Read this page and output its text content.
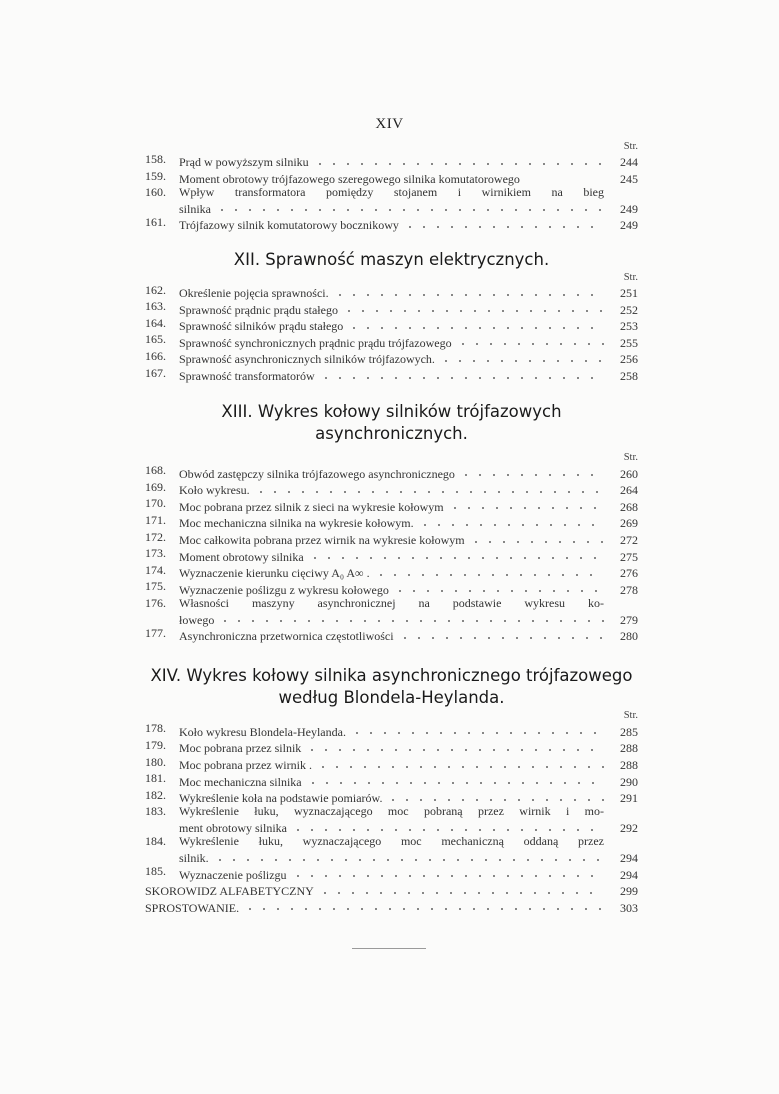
XIV
Str.
158.	Prąd w powyższym silniku	244
159.	Moment obrotowy trójfazowego szeregowego silnika komutatorowego	245
160.	Wpływ transformatora pomiędzy stojanem i wirnikiem na bieg
silnika	249
161.	Trójfazowy silnik komutatorowy bocznikowy	249
XII. Sprawność maszyn elektrycznych.
Str.
162.	Określenie pojęcia sprawności.	251
163.	Sprawność prądnic prądu stałego	252
164.	Sprawność silników prądu stałego	253
165.	Sprawność synchronicznych prądnic prądu trójfazowego	255
166.	Sprawność asynchronicznych silników trójfazowych.	256
167.	Sprawność transformatorów	258
XIII. Wykres kołowy silników trójfazowych asynchronicznych.
Str.
168.	Obwód zastępczy silnika trójfazowego asynchronicznego	260
169.	Koło wykresu.	264
170.	Moc pobrana przez silnik z sieci na wykresie kołowym	268
171.	Moc mechaniczna silnika na wykresie kołowym.	269
172.	Moc całkowita pobrana przez wirnik na wykresie kołowym	272
173.	Moment obrotowy silnika	275
174.	Wyznaczenie kierunku cięciwy A₀ A∞ .	276
175.	Wyznaczenie poślizgu z wykresu kołowego	278
176.	Własności maszyny asynchronicznej na podstawie wykresu ko-
łowego	279
177.	Asynchroniczna przetwornica częstotliwości	280
XIV. Wykres kołowy silnika asynchronicznego trójfazowego
według Blondela-Heylanda.
Str.
178.	Koło wykresu Blondela-Heylanda.	285
179.	Moc pobrana przez silnik	288
180.	Moc pobrana przez wirnik .	288
181.	Moc mechaniczna silnika	290
182.	Wykreślenie koła na podstawie pomiarów.	291
183.	Wykreślenie łuku, wyznaczającego moc pobraną przez wirnik i mo-
ment obrotowy silnika	292
184.	Wykreślenie łuku, wyznaczającego moc mechaniczną oddaną przez
silnik.	294
185.	Wyznaczenie poślizgu	294
SKOROWIDZ ALFABETYCZNY	299
SPROSTOWANIE.	303
